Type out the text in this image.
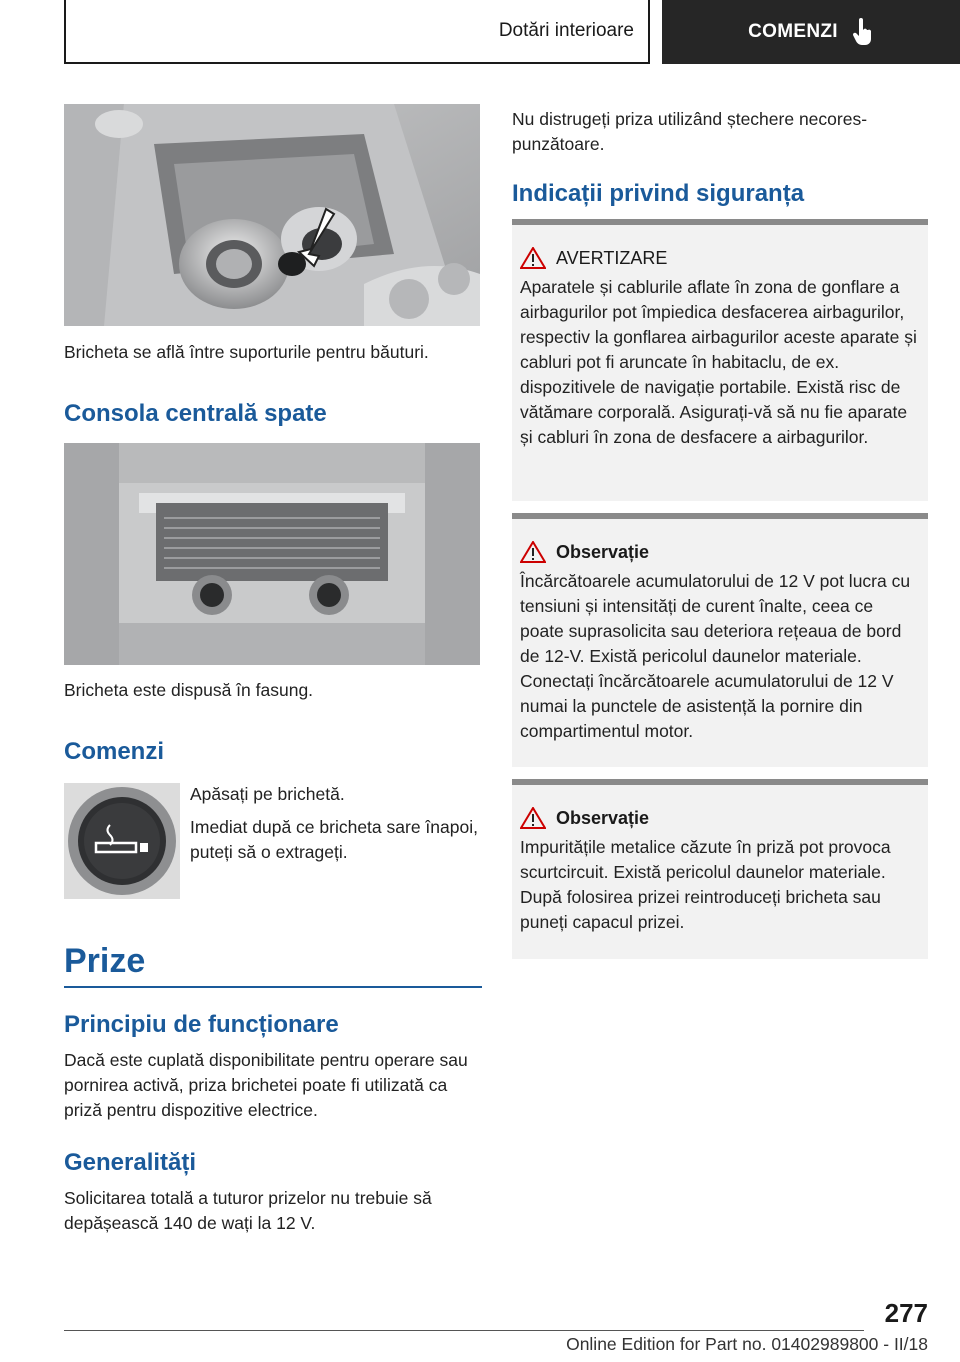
Dotări interioare	COMENZI
Bricheta se află între suporturile pentru băuturi.
Consola centrală spate
Bricheta este dispusă în fasung.
Comenzi
Apăsați pe brichetă.
Imediat după ce bricheta sare înapoi, puteți să o extrageți.
Prize
Principiu de funcționare
Dacă este cuplată disponibilitate pentru operare sau pornirea activă, priza brichetei poate fi utilizată ca priză pentru dispozitive electrice.
Generalități
Solicitarea totală a tuturor prizelor nu trebuie să depășească 140 de wați la 12 V.
Nu distrugeți priza utilizând ștechere necorespunzătoare.
Indicații privind siguranța
AVERTIZARE
Aparatele și cablurile aflate în zona de gonflare a airbagurilor pot împiedica desfacerea airbagurilor, respectiv la gonflarea airbagurilor aceste aparate și cabluri pot fi aruncate în habitaclu, de ex. dispozitivele de navigație portabile. Există risc de vătămare corporală. Asigurați-vă să nu fie aparate și cabluri în zona de desfacere a airbagurilor.
Observație
Încărcătoarele acumulatorului de 12 V pot lucra cu tensiuni și intensități de curent înalte, ceea ce poate suprasolicita sau deteriora rețeaua de bord de 12-V. Există pericolul daunelor materiale. Conectați încărcătoarele acumulatorului de 12 V numai la punctele de asistență la pornire din compartimentul motor.
Observație
Impuritățile metalice căzute în priză pot provoca scurtcircuit. Există pericolul daunelor materiale. După folosirea prizei reintroduceți bricheta sau puneți capacul prizei.
277
Online Edition for Part no. 01402989800 - II/18
